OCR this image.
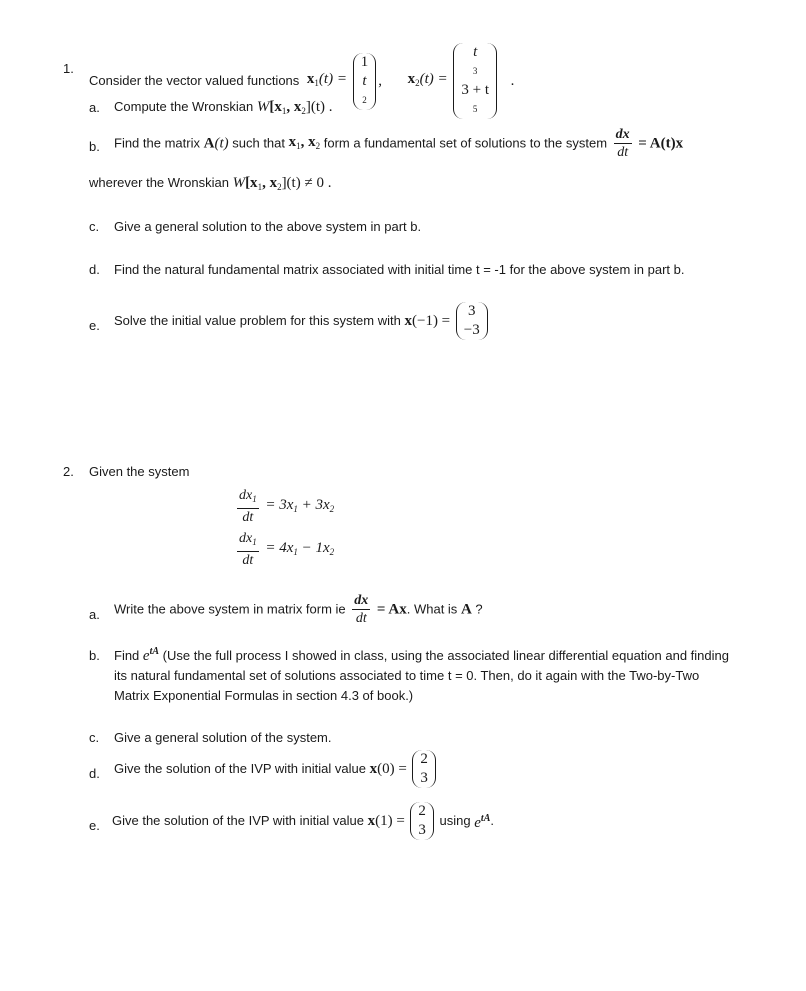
1.
Consider the vector valued functions $x_1(t)$ =
1
t
2
, $x_2(t)$ =
t
3
3 + t
5
.
a. Compute the Wronskian $W[x_1$, $x_2](t)$ .
b. Find the matrix A(t) such that $x_1$, $x_2$ form a fundamental set of solutions to the system $\frac{dx}{dt} = A(t)x$
wherever the Wronskian $W[x_1$, $x_2](t) \ne 0$ .
c. Give a general solution to the above system in part b.
d. Find the natural fundamental matrix associated with initial time t = -1 for the above system in part b.
e. Solve the initial value problem for this system with x(−1) =
3
−3
2. Given the system
$\frac{dx_1}{dt} = 3x_1 + 3x_2$
$\frac{dx_1}{dt} = 4x_1 - 1x_2$
a. Write the above system in matrix form ie $\frac{dx}{dt} = Ax$. What is A ?
b. Find $e^{tA}$ (Use the full process I showed in class, using the associated linear differential equation and finding
its natural fundamental set of solutions associated to time t = 0. Then, do it again with the Two-by-Two
Matrix Exponential Formulas in section 4.3 of book.)
c. Give a general solution of the system.
d. Give the solution of the IVP with initial value x(0) =
2
3
e. Give the solution of the IVP with initial value x(1) =
2
3
using $e^{tA}$.
